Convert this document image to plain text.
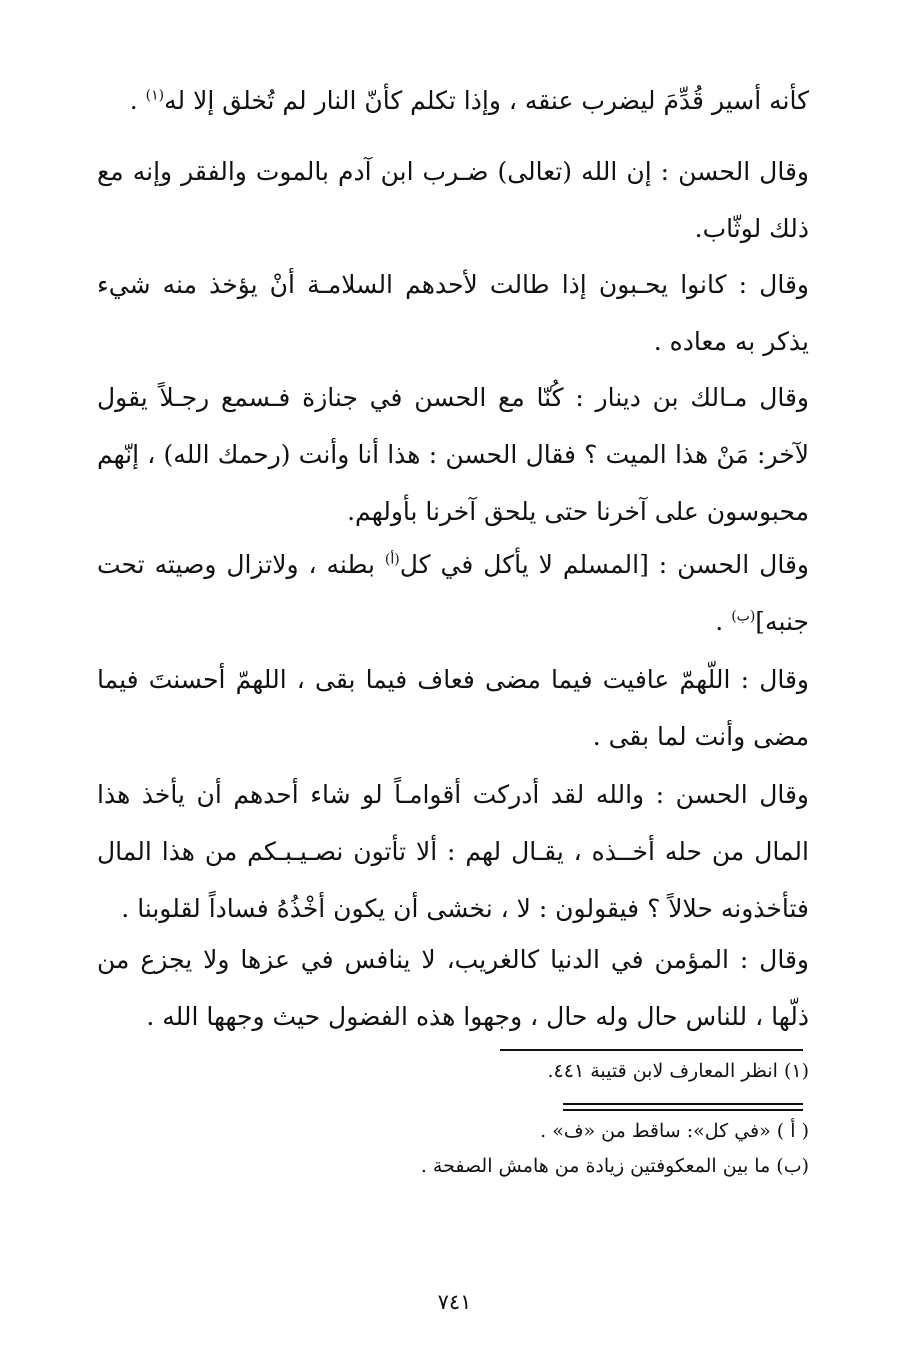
كأنه أسير قُدِّمَ ليضرب عنقه ، وإذا تكلم كأنّ النار لم تُخلق إلا له$^{(١)}$ .
وقال الحسن : إن الله (تعالى) ضـرب ابن آدم بالموت والفقر وإنه مع
ذلك لوثّاب.
وقال : كانوا يحـبون إذا طالت لأحدهم السلامـة أنْ يؤخذ منه شيء
يذكر به معاده .
وقال مـالك بن دينار : كُنّا مع الحسن في جنازة فـسمع رجـلاً يقول
لآخر: مَنْ هذا الميت ؟ فقال الحسن : هذا أنا وأنت (رحمك الله) ، إنّهم
محبوسون على آخرنا حتى يلحق آخرنا بأولهم.
وقال الحسن : [المسلم لا يأكل في كل$^{(أ)}$ بطنه ، ولاتزال وصيته تحت
جنبه]$^{(ب)}$ .
وقال : اللّهمّ عافيت فيما مضى فعاف فيما بقى ، اللهمّ أحسنتَ فيما
مضى وأنت لما بقى .
وقال الحسن : والله لقد أدركت أقوامـاً لو شاء أحدهم أن يأخذ هذا
المال من حله أخــذه ، يقـال لهم : ألا تأتون نصـيـبـكم من هذا المال
فتأخذونه حلالاً ؟ فيقولون : لا ، نخشى أن يكون أخْذُهُ فساداً لقلوبنا .
وقال : المؤمن في الدنيا كالغريب، لا ينافس في عزها ولا يجزع من
ذلّها ، للناس حال وله حال ، وجهوا هذه الفضول حيث وجهها الله .
(١) انظر المعارف لابن قتيبة ٤٤١.
( أ ) «في كل»: ساقط من «ف» .
(ب) ما بين المعكوفتين زيادة من هامش الصفحة .
٧٤١
